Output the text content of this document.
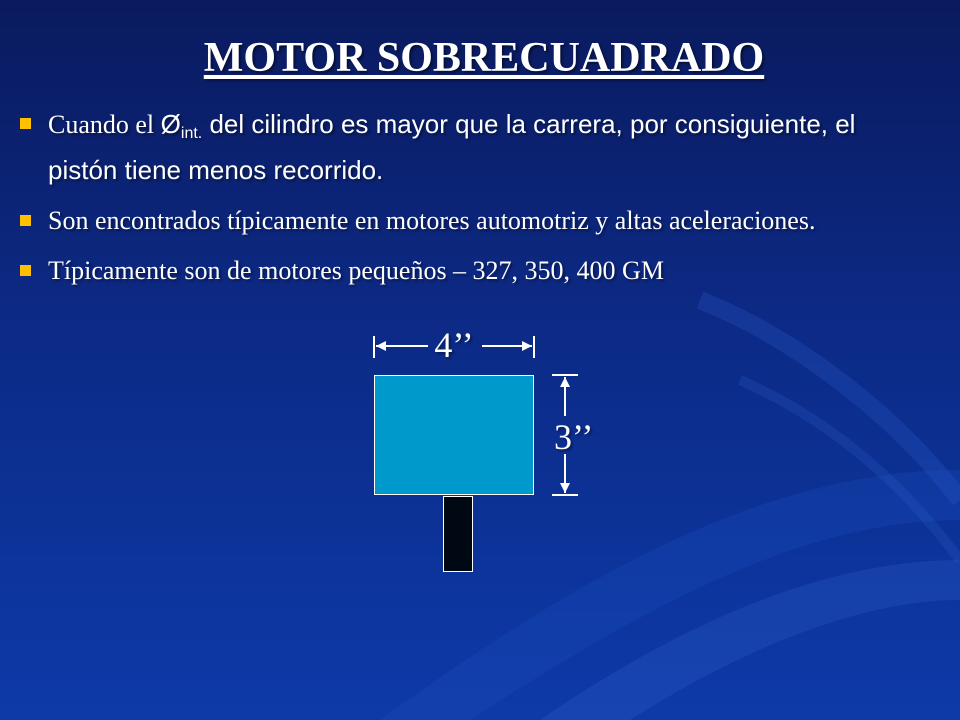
MOTOR SOBRECUADRADO
Cuando el $Ø_{int.}$ del cilindro es mayor que la carrera, por consiguiente, el pistón tiene menos recorrido.
Son encontrados típicamente en motores automotriz y altas aceleraciones.
Típicamente son de motores pequeños – 327, 350, 400 GM
4’’
3’’
